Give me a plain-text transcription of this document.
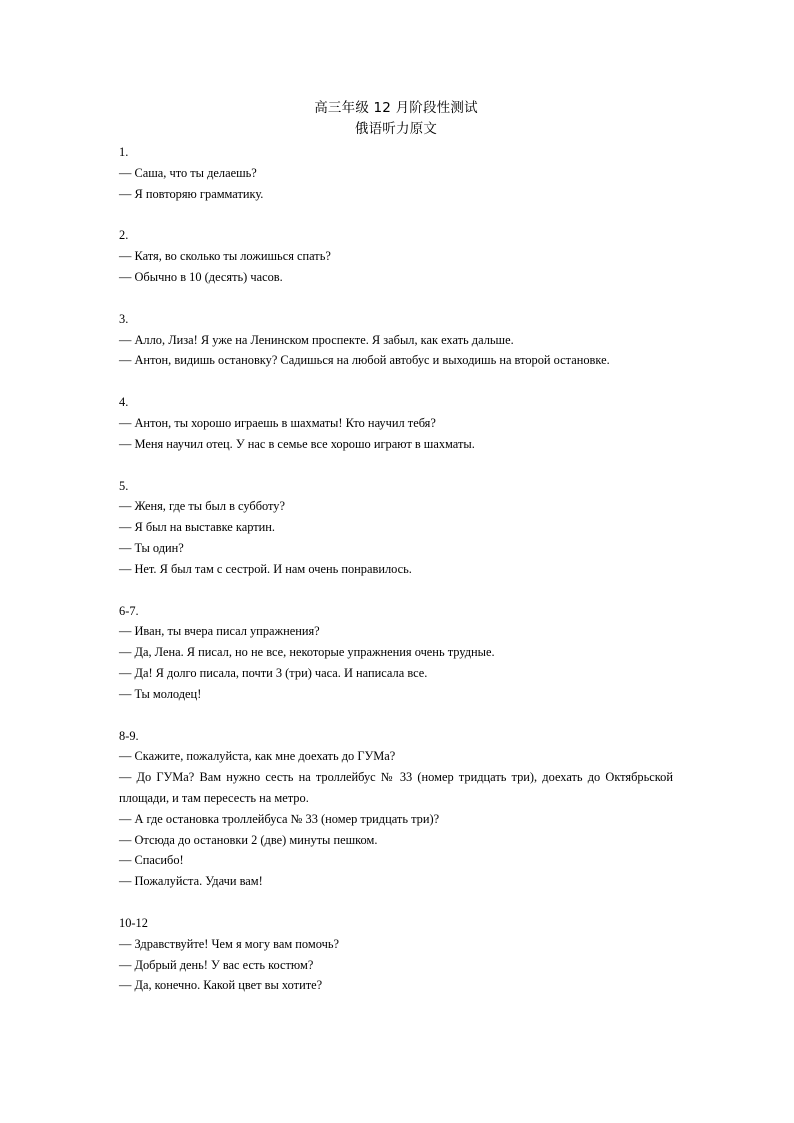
高三年级 12 月阶段性测试
俄语听力原文
1.
— Саша, что ты делаешь?
— Я повторяю грамматику.
2.
— Катя, во сколько ты ложишься спать?
— Обычно в 10 (десять) часов.
3.
— Алло, Лиза! Я уже на Ленинском проспекте. Я забыл, как ехать дальше.
— Антон, видишь остановку? Садишься на любой автобус и выходишь на второй остановке.
4.
— Антон, ты хорошо играешь в шахматы! Кто научил тебя?
— Меня научил отец. У нас в семье все хорошо играют в шахматы.
5.
— Женя, где ты был в субботу?
— Я был на выставке картин.
— Ты один?
— Нет. Я был там с сестрой. И нам очень понравилось.
6-7.
— Иван, ты вчера писал упражнения?
— Да, Лена. Я писал, но не все, некоторые упражнения очень трудные.
— Да! Я долго писала, почти 3 (три) часа. И написала все.
— Ты молодец!
8-9.
— Скажите, пожалуйста, как мне доехать до ГУМа?
— До ГУМа? Вам нужно сесть на троллейбус № 33 (номер тридцать три), доехать до Октябрьской площади, и там пересесть на метро.
— А где остановка троллейбуса № 33 (номер тридцать три)?
— Отсюда до остановки 2 (две) минуты пешком.
— Спасибо!
— Пожалуйста. Удачи вам!
10-12
— Здравствуйте! Чем я могу вам помочь?
— Добрый день! У вас есть костюм?
— Да, конечно. Какой цвет вы хотите?
